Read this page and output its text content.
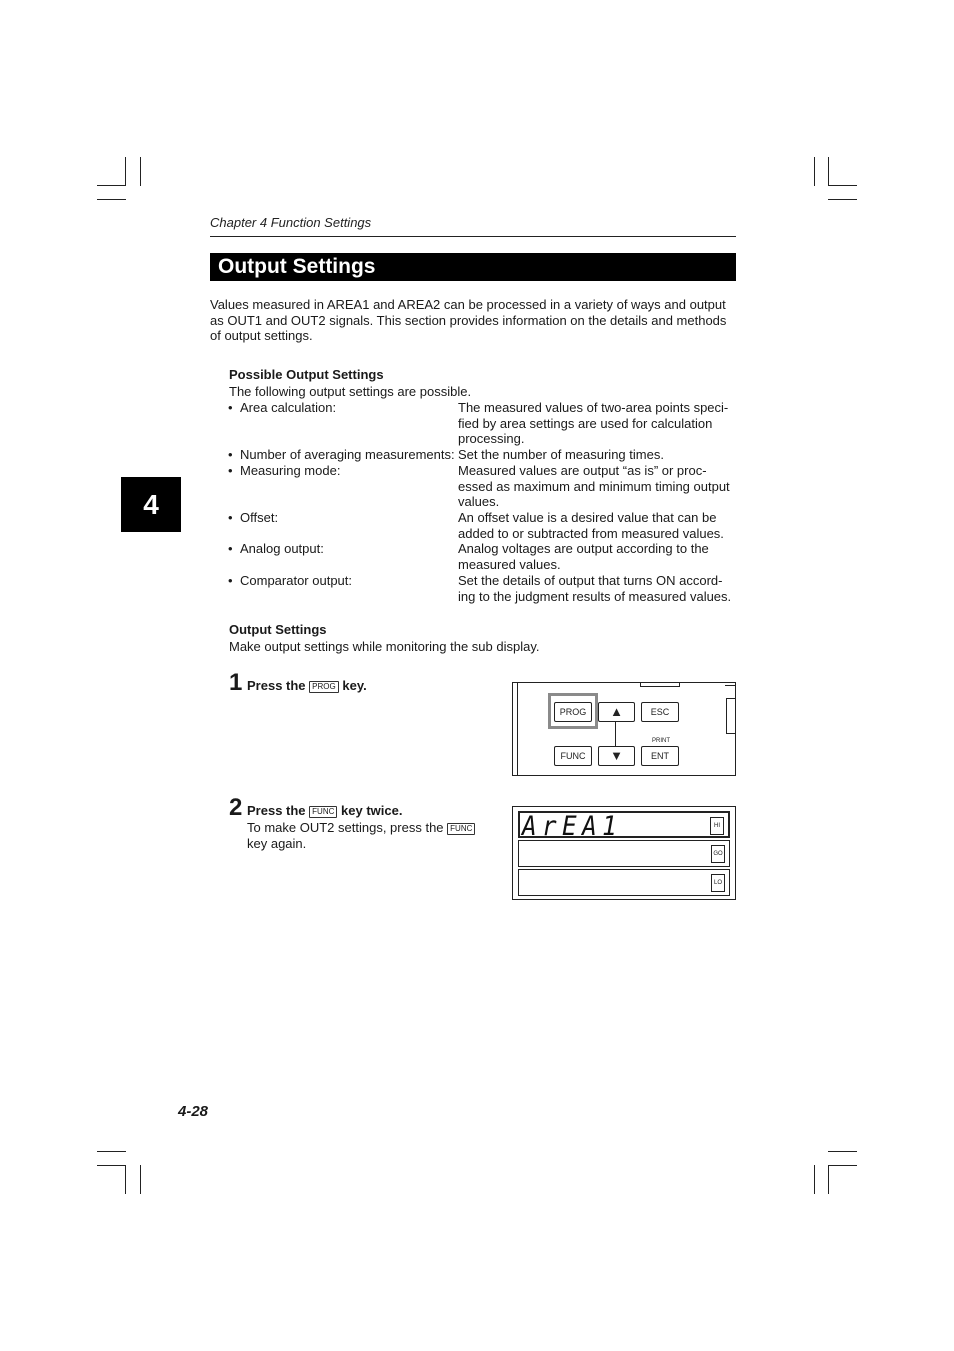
Chapter 4 Function Settings
Output Settings
4
Values measured in AREA1 and AREA2 can be processed in a variety of ways and output as OUT1 and OUT2 signals. This section provides information on the details and methods of output settings.
Possible Output Settings
The following output settings are possible.
• Area calculation:	The measured values of two-area points speci- fied by area settings are used for calculation processing.
• Number of averaging measurements: Set the number of measuring times.
• Measuring mode:	Measured values are output “as is” or proc- essed as maximum and minimum timing output values.
• Offset:	An offset value is a desired value that can be added to or subtracted from measured values.
• Analog output:	Analog voltages are output according to the measured values.
• Comparator output:	Set the details of output that turns ON accord- ing to the judgment results of measured values.
Output Settings
Make output settings while monitoring the sub display.
1 Press the PROG key.
2 Press the FUNC key twice.
To make OUT2 settings, press the FUNC
key again.
PROG	▲	ESC
PRINT
FUNC	▼	ENT
ArEA1	HI
GO
LO
4-28
